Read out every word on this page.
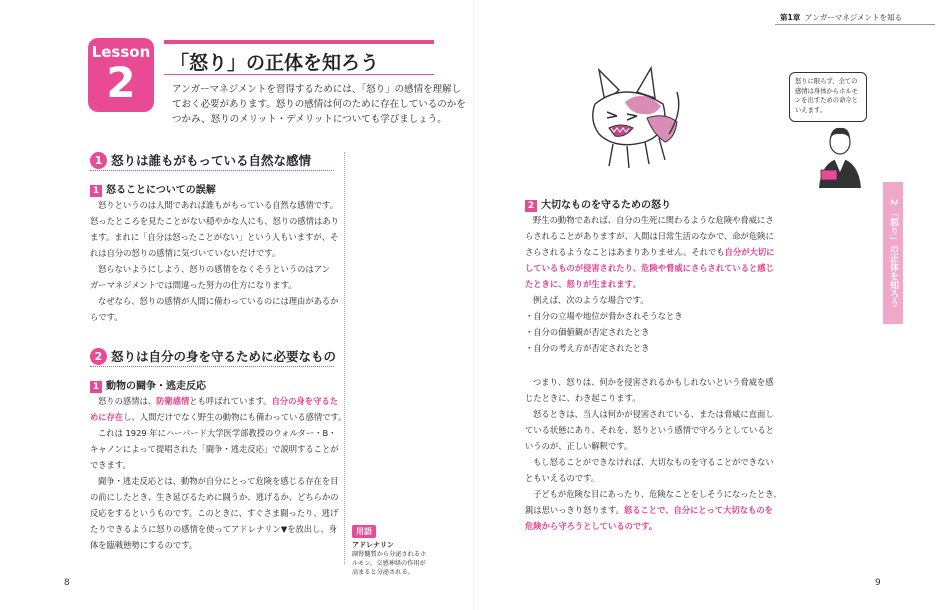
Lesson
2	「怒り」の正体を知ろう
アンガーマネジメントを習得するためには、「怒り」の感情を理解し
ておく必要があります。怒りの感情は何のために存在しているのかを
つかみ、怒りのメリット・デメリットについても学びましょう。
1 怒りは誰もがもっている自然な感情
1 怒ることについての誤解
怒りというのは人間であれば誰もがもっている自然な感情です。
怒ったところを見たことがない穏やかな人にも、怒りの感情はあり
ます。まれに「自分は怒ったことがない」という人もいますが、そ
れは自分の怒りの感情に気づいていないだけです。
怒らないようにしよう、怒りの感情をなくそうというのはアン
ガーマネジメントでは間違った努力の仕方になります。
なぜなら、怒りの感情が人間に備わっているのには理由があるか
らです。
2 怒りは自分の身を守るために必要なもの
1 動物の闘争・逃走反応
怒りの感情は、防衛感情とも呼ばれています。自分の身を守るた
めに存在し、人間だけでなく野生の動物にも備わっている感情です。
これは 1929 年にハーバード大学医学部教授のウォルター・B・
キャノンによって提唱された「闘争・逃走反応」で説明することが
できます。
闘争・逃走反応とは、動物が自分にとって危険を感じる存在を目
の前にしたとき、生き延びるために闘うか、逃げるか、どちらかの
反応をするというものです。このときに、すぐさま闘ったり、逃げ
たりできるように怒りの感情を使ってアドレナリン▼を放出し、身
体を臨戦態勢にするのです。
用語
アドレナリン
副腎髄質から分泌されるホ
ルモン。交感神経の作用が
高まると分泌される。
8
第1章 アンガーマネジメントを知る
怒りに限らず、全ての
感情は身体からホルモ
ンを出すための命令と
いえます。
2 「怒り」の正体を知ろう
2 大切なものを守るための怒り
野生の動物であれば、自分の生死に関わるような危険や脅威にさ
らされることがありますが、人間は日常生活のなかで、命が危険に
さらされるようなことはあまりありません。それでも自分が大切に
しているものが侵害されたり、危険や脅威にさらされていると感じ
たときに、怒りが生まれます。
例えば、次のような場合です。
・自分の立場や地位が脅かされそうなとき
・自分の価値観が否定されたとき
・自分の考え方が否定されたとき
つまり、怒りは、何かを侵害されるかもしれないという脅威を感
じたときに、わき起こります。
怒るときは、当人は何かが侵害されている、または脅威に直面し
ている状態にあり、それを、怒りという感情で守ろうとしていると
いうのが、正しい解釈です。
もし怒ることができなければ、大切なものを守ることができない
ともいえるのです。
子どもが危険な目にあったり、危険なことをしそうになったとき、
親は思いっきり怒ります。怒ることで、自分にとって大切なものを
危険から守ろうとしているのです。
9
